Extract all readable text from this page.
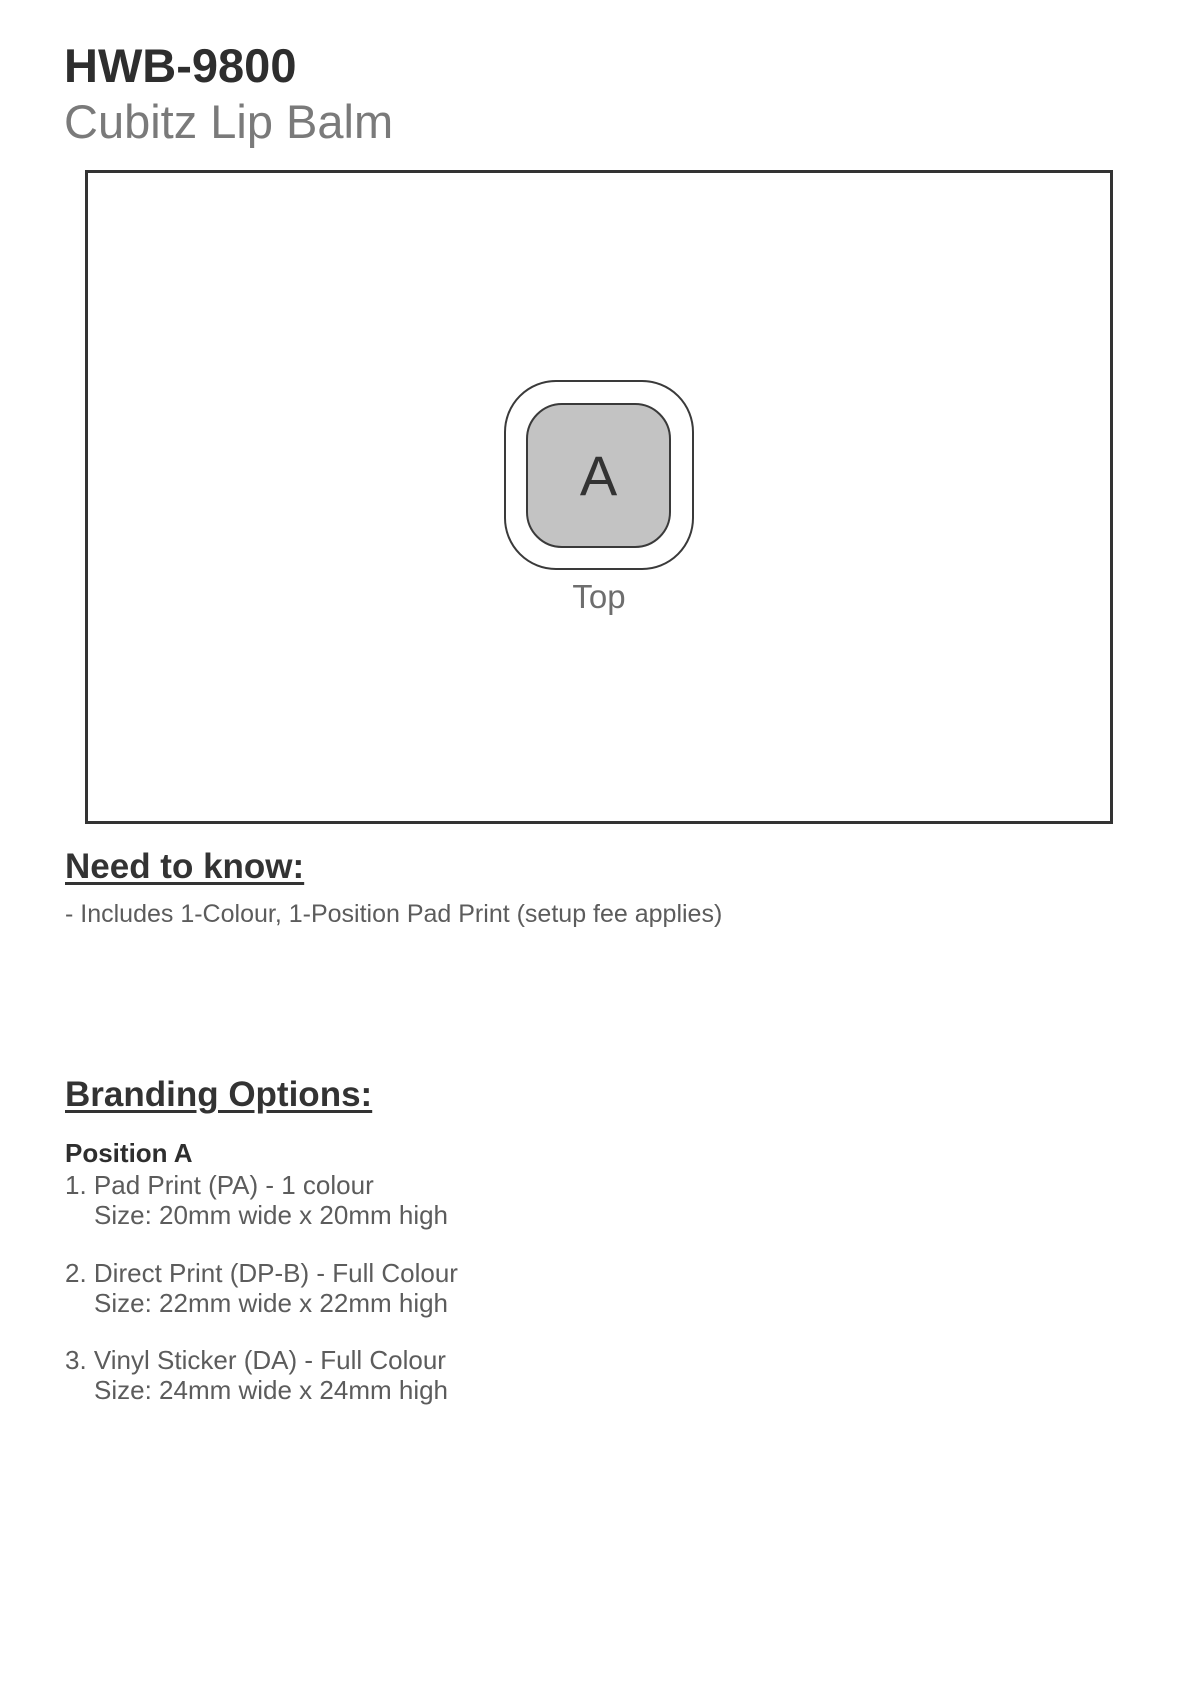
HWB-9800
Cubitz Lip Balm
A
Top
Need to know:
- Includes 1-Colour, 1-Position Pad Print (setup fee applies)
Branding Options:
Position A
1. Pad Print (PA) - 1 colour
Size: 20mm wide x 20mm high
2. Direct Print (DP-B) - Full Colour
Size: 22mm wide x 22mm high
3. Vinyl Sticker (DA) - Full Colour
Size: 24mm wide x 24mm high
